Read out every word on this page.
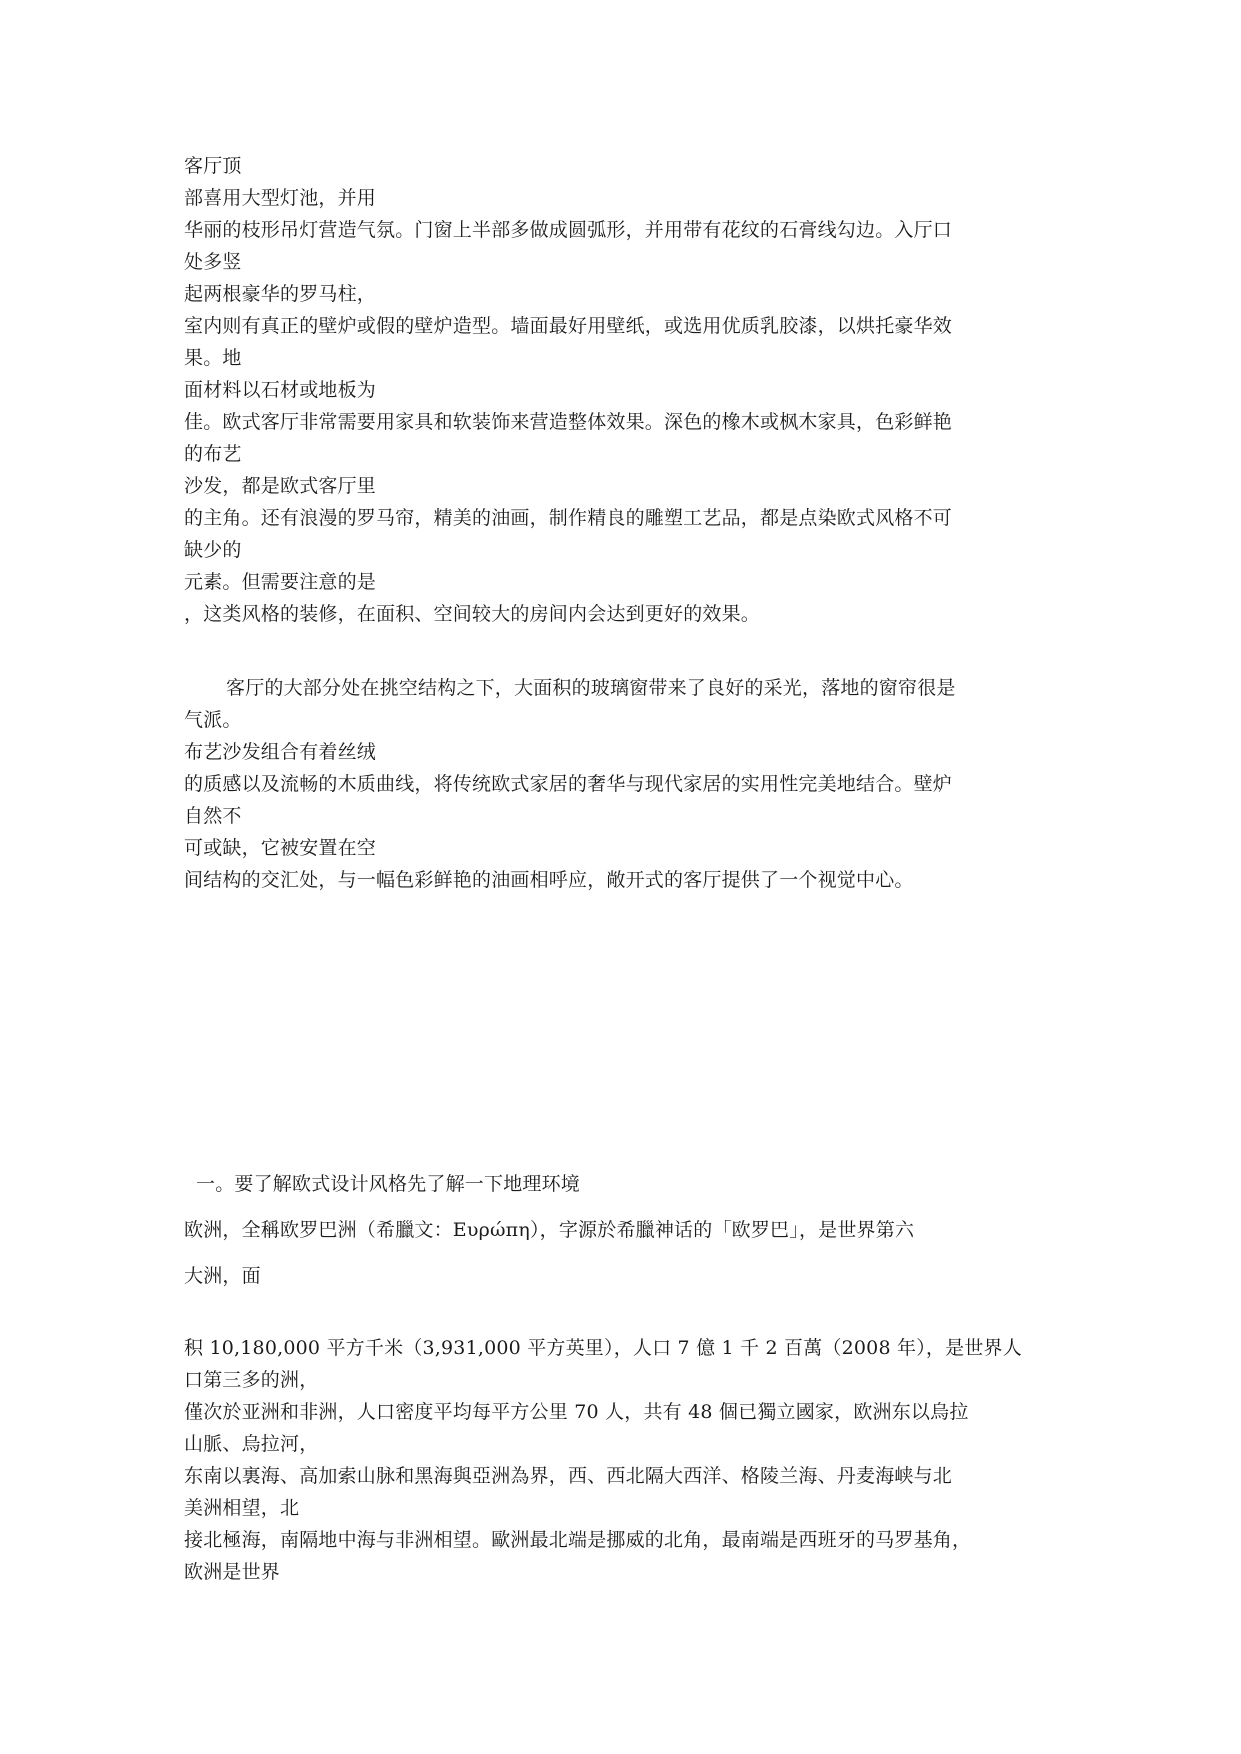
客厅顶
部喜用大型灯池，并用
华丽的枝形吊灯营造气氛。门窗上半部多做成圆弧形，并用带有花纹的石膏线勾边。入厅口
处多竖
起两根豪华的罗马柱，
室内则有真正的壁炉或假的壁炉造型。墙面最好用壁纸，或选用优质乳胶漆，以烘托豪华效
果。地
面材料以石材或地板为
佳。欧式客厅非常需要用家具和软装饰来营造整体效果。深色的橡木或枫木家具，色彩鲜艳
的布艺
沙发，都是欧式客厅里
的主角。还有浪漫的罗马帘，精美的油画，制作精良的雕塑工艺品，都是点染欧式风格不可
缺少的
元素。但需要注意的是
，这类风格的装修，在面积、空间较大的房间内会达到更好的效果。
客厅的大部分处在挑空结构之下，大面积的玻璃窗带来了良好的采光，落地的窗帘很是
气派。
布艺沙发组合有着丝绒
的质感以及流畅的木质曲线，将传统欧式家居的奢华与现代家居的实用性完美地结合。壁炉
自然不
可或缺，它被安置在空
间结构的交汇处，与一幅色彩鲜艳的油画相呼应，敞开式的客厅提供了一个视觉中心。
一。要了解欧式设计风格先了解一下地理环境
欧洲，全稱欧罗巴洲（希臘文：Ευρώπη），字源於希臘神话的「欧罗巴」，是世界第六
大洲，面
积 10,180,000 平方千米（3,931,000 平方英里），人口 7 億 1 千 2 百萬（2008 年），是世界人
口第三多的洲，
僅次於亚洲和非洲，人口密度平均每平方公里 70 人，共有 48 個已獨立國家，欧洲东以烏拉
山脈、烏拉河，
东南以裏海、高加索山脉和黑海與亞洲為界，西、西北隔大西洋、格陵兰海、丹麦海峡与北
美洲相望，北
接北極海，南隔地中海与非洲相望。歐洲最北端是挪威的北角，最南端是西班牙的马罗基角，
欧洲是世界
